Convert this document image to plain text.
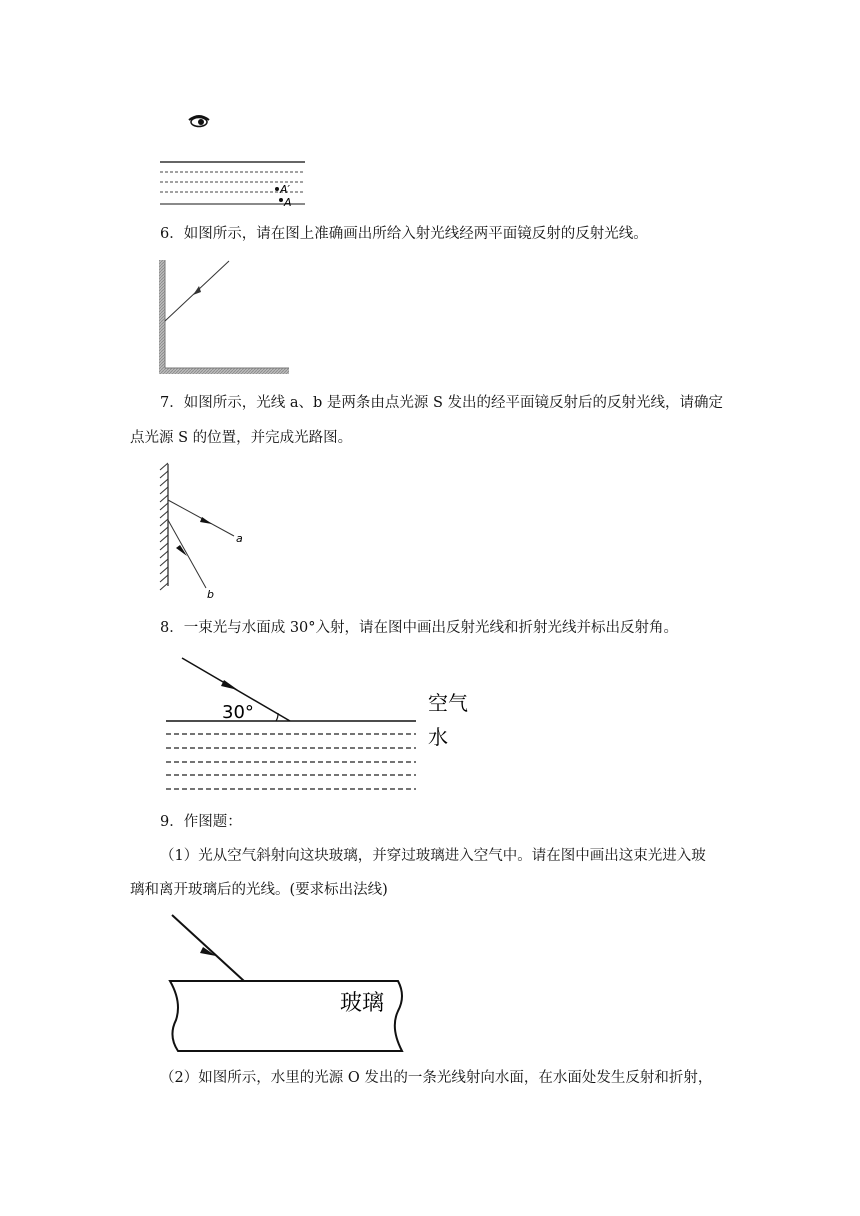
A′
A
6．如图所示，请在图上准确画出所给入射光线经两平面镜反射的反射光线。
7．如图所示，光线 a、b 是两条由点光源 S 发出的经平面镜反射后的反射光线，请确定
点光源 S 的位置，并完成光路图。
a
b
8．一束光与水面成 30°入射，请在图中画出反射光线和折射光线并标出反射角。
30°	空气
水
9．作图题：
（1）光从空气斜射向这块玻璃，并穿过玻璃进入空气中。请在图中画出这束光进入玻
璃和离开玻璃后的光线。(要求标出法线)
玻璃
（2）如图所示，水里的光源 O 发出的一条光线射向水面，在水面处发生反射和折射，
